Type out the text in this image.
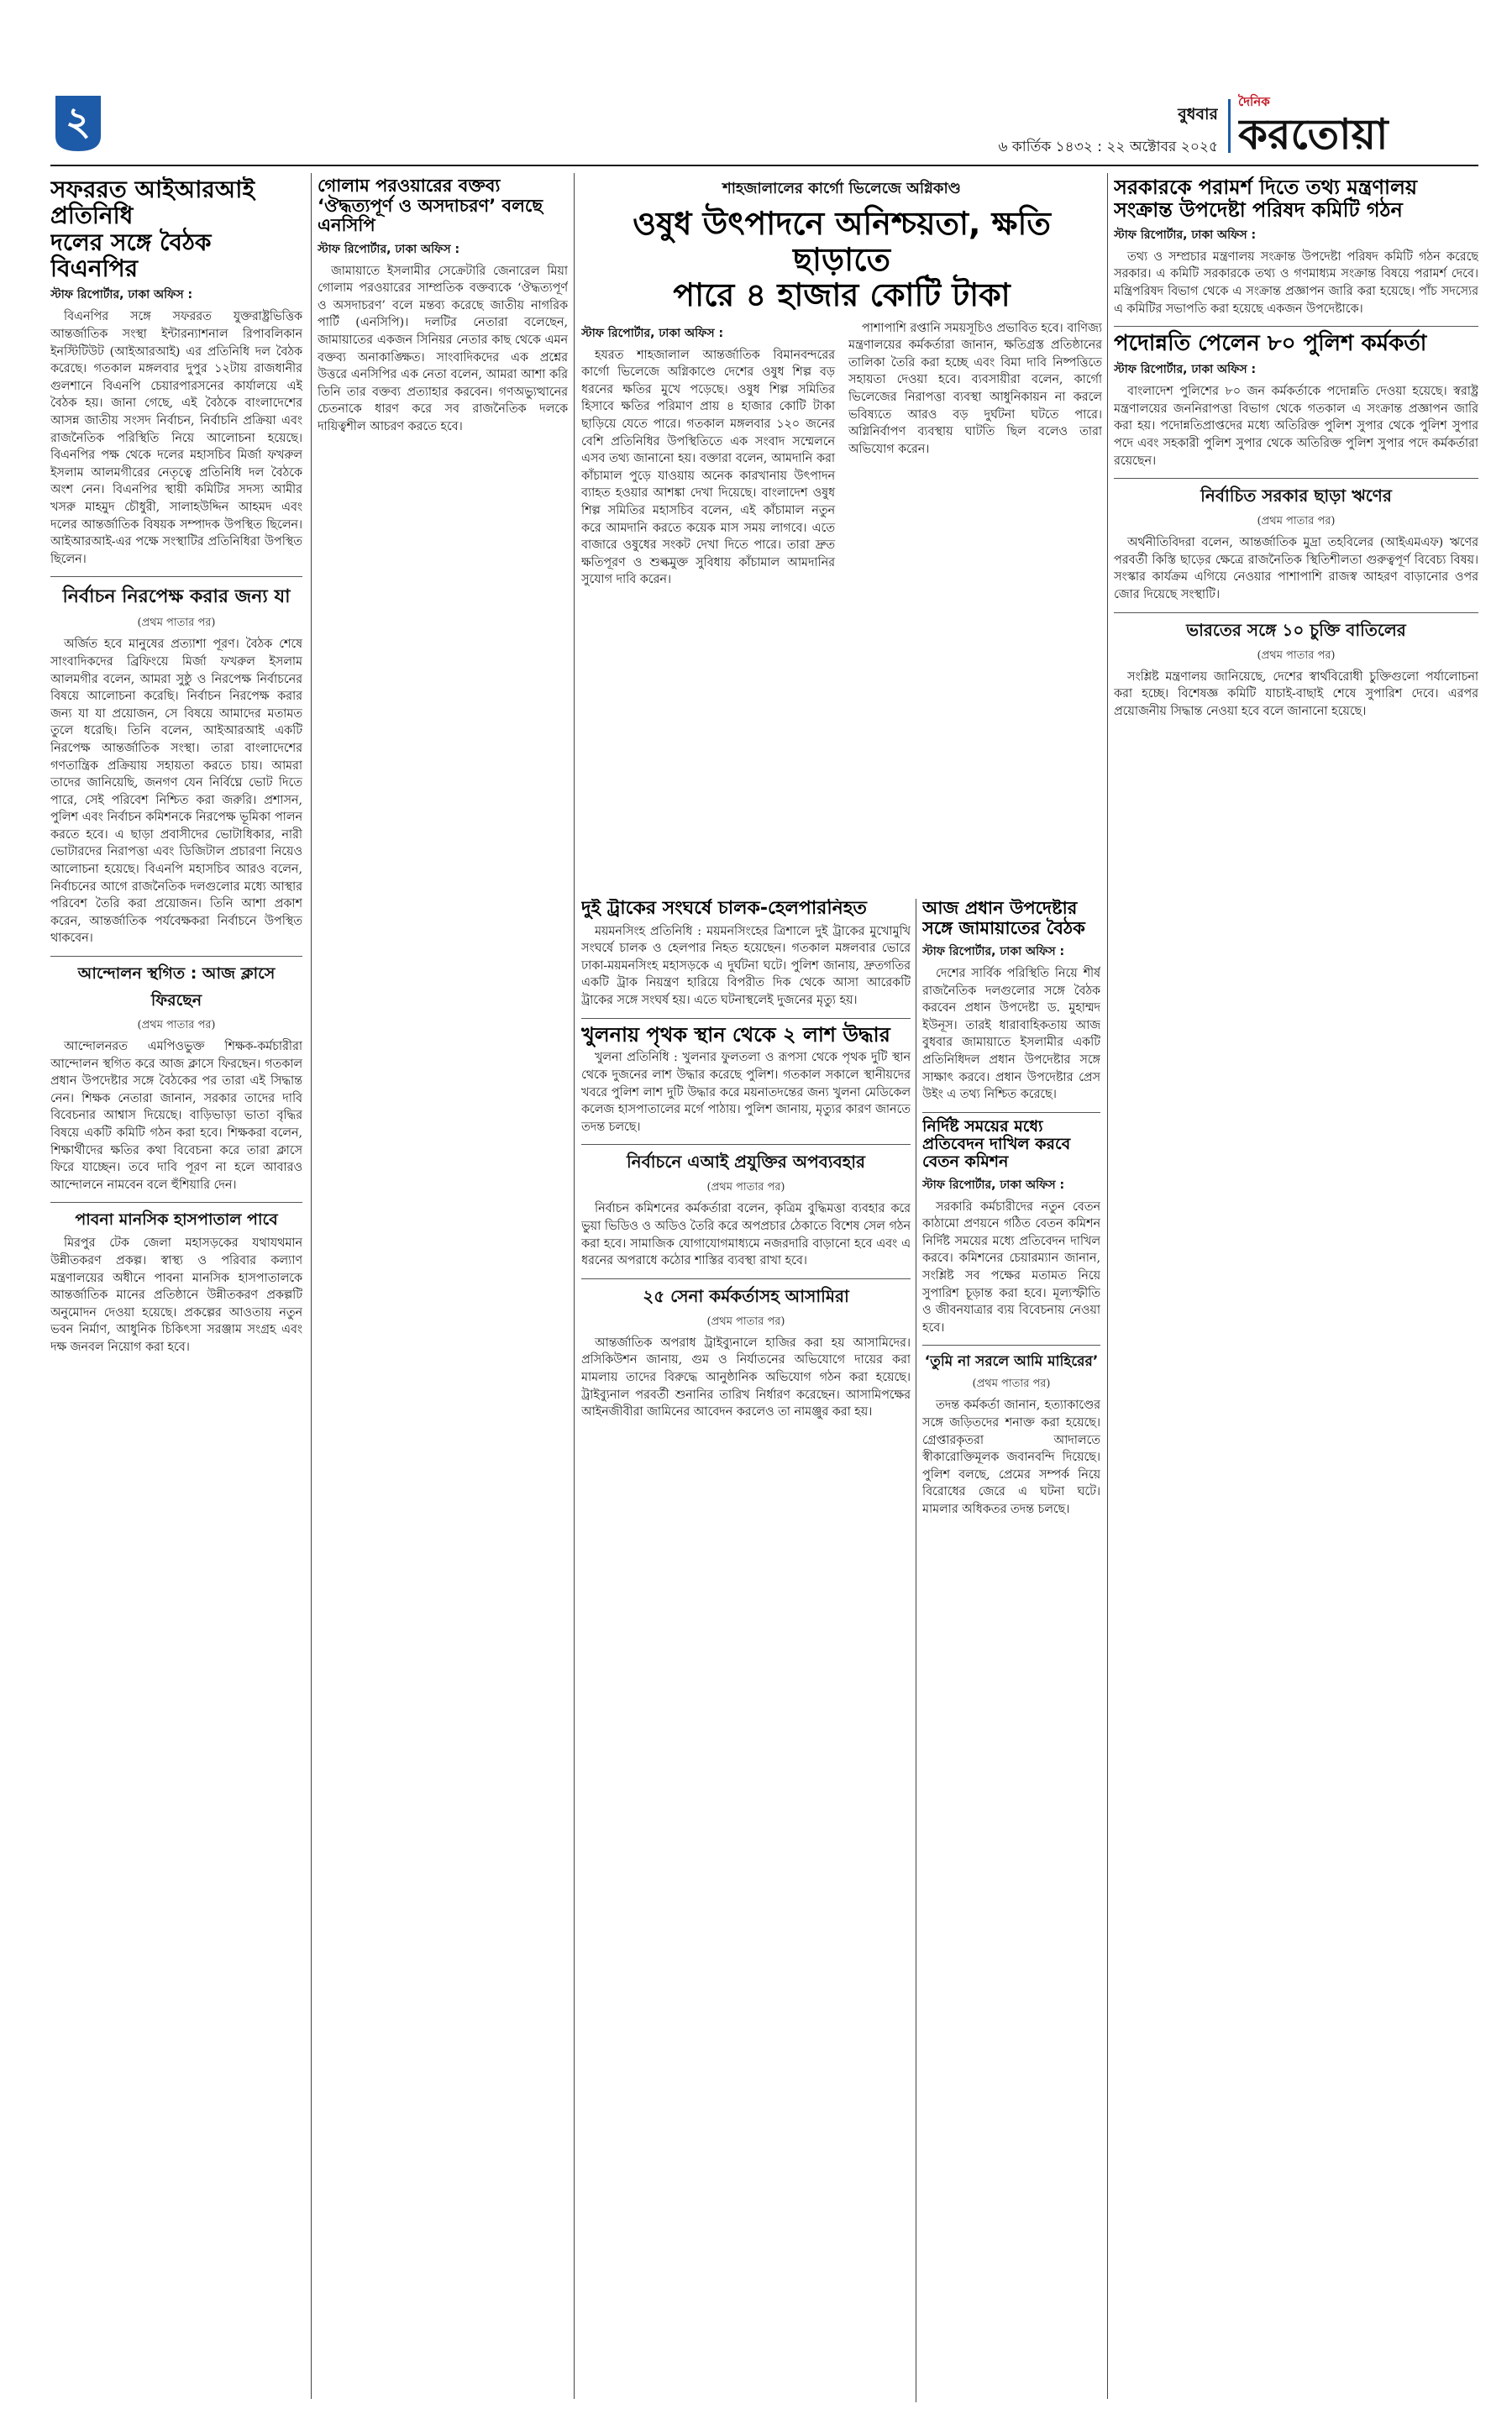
২	বুধবার
৬ কার্তিক ১৪৩২ : ২২ অক্টোবর ২০২৫
দৈনিক
করতোয়া
সফররত আইআরআই প্রতিনিধি
দলের সঙ্গে বৈঠক বিএনপির
স্টাফ রিপোর্টার, ঢাকা অফিস :

বিএনপির সঙ্গে সফররত যুক্তরাষ্ট্রভিত্তিক আন্তর্জাতিক সংস্থা ইন্টারন্যাশনাল রিপাবলিকান ইনস্টিটিউট (আইআরআই) এর প্রতিনিধি দল বৈঠক করেছে। গতকাল মঙ্গলবার দুপুর ১২টায় রাজধানীর গুলশানে বিএনপি চেয়ারপারসনের কার্যালয়ে এই বৈঠক হয়। জানা গেছে, এই বৈঠকে বাংলাদেশের আসন্ন জাতীয় সংসদ নির্বাচন, নির্বাচনি প্রক্রিয়া এবং রাজনৈতিক পরিস্থিতি নিয়ে আলোচনা হয়েছে। বিএনপির পক্ষ থেকে দলের মহাসচিব মির্জা ফখরুল ইসলাম আলমগীরের নেতৃত্বে প্রতিনিধি দল বৈঠকে অংশ নেন। বিএনপির স্থায়ী কমিটির সদস্য আমীর খসরু মাহমুদ চৌধুরী, সালাহউদ্দিন আহমদ এবং দলের আন্তর্জাতিক বিষয়ক সম্পাদক উপস্থিত ছিলেন। আইআরআই-এর পক্ষে সংস্থাটির প্রতিনিধিরা উপস্থিত ছিলেন।

নির্বাচন নিরপেক্ষ করার জন্য যা
(প্রথম পাতার পর)

অর্জিত হবে মানুষের প্রত্যাশা পূরণ। বৈঠক শেষে সাংবাদিকদের ব্রিফিংয়ে মির্জা ফখরুল ইসলাম আলমগীর বলেন, আমরা সুষ্ঠু ও নিরপেক্ষ নির্বাচনের বিষয়ে আলোচনা করেছি। নির্বাচন নিরপেক্ষ করার জন্য যা যা প্রয়োজন, সে বিষয়ে আমাদের মতামত তুলে ধরেছি। তিনি বলেন, আইআরআই একটি নিরপেক্ষ আন্তর্জাতিক সংস্থা। তারা বাংলাদেশের গণতান্ত্রিক প্রক্রিয়ায় সহায়তা করতে চায়। আমরা তাদের জানিয়েছি, জনগণ যেন নির্বিঘ্নে ভোট দিতে পারে, সেই পরিবেশ নিশ্চিত করা জরুরি। প্রশাসন, পুলিশ এবং নির্বাচন কমিশনকে নিরপেক্ষ ভূমিকা পালন করতে হবে। এ ছাড়া প্রবাসীদের ভোটাধিকার, নারী ভোটারদের নিরাপত্তা এবং ডিজিটাল প্রচারণা নিয়েও আলোচনা হয়েছে। বিএনপি মহাসচিব আরও বলেন, নির্বাচনের আগে রাজনৈতিক দলগুলোর মধ্যে আস্থার পরিবেশ তৈরি করা প্রয়োজন। তিনি আশা প্রকাশ করেন, আন্তর্জাতিক পর্যবেক্ষকরা নির্বাচনে উপস্থিত থাকবেন।

আন্দোলন স্থগিত : আজ ক্লাসে ফিরছেন
(প্রথম পাতার পর)

আন্দোলনরত এমপিওভুক্ত শিক্ষক-কর্মচারীরা আন্দোলন স্থগিত করে আজ ক্লাসে ফিরছেন। গতকাল প্রধান উপদেষ্টার সঙ্গে বৈঠকের পর তারা এই সিদ্ধান্ত নেন। শিক্ষক নেতারা জানান, সরকার তাদের দাবি বিবেচনার আশ্বাস দিয়েছে। বাড়িভাড়া ভাতা বৃদ্ধির বিষয়ে একটি কমিটি গঠন করা হবে। শিক্ষকরা বলেন, শিক্ষার্থীদের ক্ষতির কথা বিবেচনা করে তারা ক্লাসে ফিরে যাচ্ছেন। তবে দাবি পূরণ না হলে আবারও আন্দোলনে নামবেন বলে হুঁশিয়ারি দেন।

পাবনা মানসিক হাসপাতাল পাবে

মিরপুর টেক জেলা মহাসড়কের যথাযথমান উন্নীতকরণ প্রকল্প। স্বাস্থ্য ও পরিবার কল্যাণ মন্ত্রণালয়ের অধীনে পাবনা মানসিক হাসপাতালকে আন্তর্জাতিক মানের প্রতিষ্ঠানে উন্নীতকরণ প্রকল্পটি অনুমোদন দেওয়া হয়েছে। প্রকল্পের আওতায় নতুন ভবন নির্মাণ, আধুনিক চিকিৎসা সরঞ্জাম সংগ্রহ এবং দক্ষ জনবল নিয়োগ করা হবে।

গোলাম পরওয়ারের বক্তব্য ‘ঔদ্ধত্যপূর্ণ ও অসদাচরণ’ বলছে এনসিপি
স্টাফ রিপোর্টার, ঢাকা অফিস :

জামায়াতে ইসলামীর সেক্রেটারি জেনারেল মিয়া গোলাম পরওয়ারের সাম্প্রতিক বক্তব্যকে ‘ঔদ্ধত্যপূর্ণ ও অসদাচরণ’ বলে মন্তব্য করেছে জাতীয় নাগরিক পার্টি (এনসিপি)। দলটির নেতারা বলেছেন, জামায়াতের একজন সিনিয়র নেতার কাছ থেকে এমন বক্তব্য অনাকাঙ্ক্ষিত। সাংবাদিকদের এক প্রশ্নের উত্তরে এনসিপির এক নেতা বলেন, আমরা আশা করি তিনি তার বক্তব্য প্রত্যাহার করবেন। গণঅভ্যুত্থানের চেতনাকে ধারণ করে সব রাজনৈতিক দলকে দায়িত্বশীল আচরণ করতে হবে।

শাহজালালের কার্গো ভিলেজে অগ্নিকাণ্ড
ওষুধ উৎপাদনে অনিশ্চয়তা, ক্ষতি ছাড়াতে
পারে ৪ হাজার কোটি টাকা
স্টাফ রিপোর্টার, ঢাকা অফিস :

হযরত শাহজালাল আন্তর্জাতিক বিমানবন্দরের কার্গো ভিলেজে অগ্নিকাণ্ডে দেশের ওষুধ শিল্প বড় ধরনের ক্ষতির মুখে পড়েছে। ওষুধ শিল্প সমিতির হিসাবে ক্ষতির পরিমাণ প্রায় ৪ হাজার কোটি টাকা ছাড়িয়ে যেতে পারে। গতকাল মঙ্গলবার ১২০ জনের বেশি প্রতিনিধির উপস্থিতিতে এক সংবাদ সম্মেলনে এসব তথ্য জানানো হয়। বক্তারা বলেন, আমদানি করা কাঁচামাল পুড়ে যাওয়ায় অনেক কারখানায় উৎপাদন ব্যাহত হওয়ার আশঙ্কা দেখা দিয়েছে। বাংলাদেশ ওষুধ শিল্প সমিতির মহাসচিব বলেন, এই কাঁচামাল নতুন করে আমদানি করতে কয়েক মাস সময় লাগবে। এতে বাজারে ওষুধের সংকট দেখা দিতে পারে। তারা দ্রুত ক্ষতিপূরণ ও শুল্কমুক্ত সুবিধায় কাঁচামাল আমদানির সুযোগ দাবি করেন।

পাশাপাশি রপ্তানি সময়সূচিও প্রভাবিত হবে। বাণিজ্য মন্ত্রণালয়ের কর্মকর্তারা জানান, ক্ষতিগ্রস্ত প্রতিষ্ঠানের তালিকা তৈরি করা হচ্ছে এবং বিমা দাবি নিষ্পত্তিতে সহায়তা দেওয়া হবে। ব্যবসায়ীরা বলেন, কার্গো ভিলেজের নিরাপত্তা ব্যবস্থা আধুনিকায়ন না করলে ভবিষ্যতে আরও বড় দুর্ঘটনা ঘটতে পারে। অগ্নিনির্বাপণ ব্যবস্থায় ঘাটতি ছিল বলেও তারা অভিযোগ করেন।

দুই ট্রাকের সংঘর্ষে চালক-হেলপারনিহত

ময়মনসিংহ প্রতিনিধি : ময়মনসিংহের ত্রিশালে দুই ট্রাকের মুখোমুখি সংঘর্ষে চালক ও হেলপার নিহত হয়েছেন। গতকাল মঙ্গলবার ভোরে ঢাকা-ময়মনসিংহ মহাসড়কে এ দুর্ঘটনা ঘটে। পুলিশ জানায়, দ্রুতগতির একটি ট্রাক নিয়ন্ত্রণ হারিয়ে বিপরীত দিক থেকে আসা আরেকটি ট্রাকের সঙ্গে সংঘর্ষ হয়। এতে ঘটনাস্থলেই দুজনের মৃত্যু হয়।

খুলনায় পৃথক স্থান থেকে ২ লাশ উদ্ধার

খুলনা প্রতিনিধি : খুলনার ফুলতলা ও রূপসা থেকে পৃথক দুটি স্থান থেকে দুজনের লাশ উদ্ধার করেছে পুলিশ। গতকাল সকালে স্থানীয়দের খবরে পুলিশ লাশ দুটি উদ্ধার করে ময়নাতদন্তের জন্য খুলনা মেডিকেল কলেজ হাসপাতালের মর্গে পাঠায়। পুলিশ জানায়, মৃত্যুর কারণ জানতে তদন্ত চলছে।

নির্বাচনে এআই প্রযুক্তির অপব্যবহার
(প্রথম পাতার পর)

নির্বাচন কমিশনের কর্মকর্তারা বলেন, কৃত্রিম বুদ্ধিমত্তা ব্যবহার করে ভুয়া ভিডিও ও অডিও তৈরি করে অপপ্রচার ঠেকাতে বিশেষ সেল গঠন করা হবে। সামাজিক যোগাযোগমাধ্যমে নজরদারি বাড়ানো হবে এবং এ ধরনের অপরাধে কঠোর শাস্তির ব্যবস্থা রাখা হবে।

২৫ সেনা কর্মকর্তাসহ আসামিরা
(প্রথম পাতার পর)

আন্তর্জাতিক অপরাধ ট্রাইব্যুনালে হাজির করা হয় আসামিদের। প্রসিকিউশন জানায়, গুম ও নির্যাতনের অভিযোগে দায়ের করা মামলায় তাদের বিরুদ্ধে আনুষ্ঠানিক অভিযোগ গঠন করা হয়েছে। ট্রাইব্যুনাল পরবর্তী শুনানির তারিখ নির্ধারণ করেছেন। আসামিপক্ষের আইনজীবীরা জামিনের আবেদন করলেও তা নামঞ্জুর করা হয়।

আজ প্রধান উপদেষ্টার সঙ্গে জামায়াতের বৈঠক
স্টাফ রিপোর্টার, ঢাকা অফিস :

দেশের সার্বিক পরিস্থিতি নিয়ে শীর্ষ রাজনৈতিক দলগুলোর সঙ্গে বৈঠক করবেন প্রধান উপদেষ্টা ড. মুহাম্মদ ইউনূস। তারই ধারাবাহিকতায় আজ বুধবার জামায়াতে ইসলামীর একটি প্রতিনিধিদল প্রধান উপদেষ্টার সঙ্গে সাক্ষাৎ করবে। প্রধান উপদেষ্টার প্রেস উইং এ তথ্য নিশ্চিত করেছে।

নির্দিষ্ট সময়ের মধ্যে প্রতিবেদন দাখিল করবে বেতন কমিশন
স্টাফ রিপোর্টার, ঢাকা অফিস :

সরকারি কর্মচারীদের নতুন বেতন কাঠামো প্রণয়নে গঠিত বেতন কমিশন নির্দিষ্ট সময়ের মধ্যে প্রতিবেদন দাখিল করবে। কমিশনের চেয়ারম্যান জানান, সংশ্লিষ্ট সব পক্ষের মতামত নিয়ে সুপারিশ চূড়ান্ত করা হবে। মূল্যস্ফীতি ও জীবনযাত্রার ব্যয় বিবেচনায় নেওয়া হবে।

‘তুমি না সরলে আমি মাহিরের’
(প্রথম পাতার পর)

তদন্ত কর্মকর্তা জানান, হত্যাকাণ্ডের সঙ্গে জড়িতদের শনাক্ত করা হয়েছে। গ্রেপ্তারকৃতরা আদালতে স্বীকারোক্তিমূলক জবানবন্দি দিয়েছে। পুলিশ বলছে, প্রেমের সম্পর্ক নিয়ে বিরোধের জেরে এ ঘটনা ঘটে। মামলার অধিকতর তদন্ত চলছে।

সরকারকে পরামর্শ দিতে তথ্য মন্ত্রণালয়
সংক্রান্ত উপদেষ্টা পরিষদ কমিটি গঠন
স্টাফ রিপোর্টার, ঢাকা অফিস :

তথ্য ও সম্প্রচার মন্ত্রণালয় সংক্রান্ত উপদেষ্টা পরিষদ কমিটি গঠন করেছে সরকার। এ কমিটি সরকারকে তথ্য ও গণমাধ্যম সংক্রান্ত বিষয়ে পরামর্শ দেবে। মন্ত্রিপরিষদ বিভাগ থেকে এ সংক্রান্ত প্রজ্ঞাপন জারি করা হয়েছে। পাঁচ সদস্যের এ কমিটির সভাপতি করা হয়েছে একজন উপদেষ্টাকে।

পদোন্নতি পেলেন ৮০ পুলিশ কর্মকর্তা
স্টাফ রিপোর্টার, ঢাকা অফিস :

বাংলাদেশ পুলিশের ৮০ জন কর্মকর্তাকে পদোন্নতি দেওয়া হয়েছে। স্বরাষ্ট্র মন্ত্রণালয়ের জননিরাপত্তা বিভাগ থেকে গতকাল এ সংক্রান্ত প্রজ্ঞাপন জারি করা হয়। পদোন্নতিপ্রাপ্তদের মধ্যে অতিরিক্ত পুলিশ সুপার থেকে পুলিশ সুপার পদে এবং সহকারী পুলিশ সুপার থেকে অতিরিক্ত পুলিশ সুপার পদে কর্মকর্তারা রয়েছেন।

নির্বাচিত সরকার ছাড়া ঋণের
(প্রথম পাতার পর)

অর্থনীতিবিদরা বলেন, আন্তর্জাতিক মুদ্রা তহবিলের (আইএমএফ) ঋণের পরবর্তী কিস্তি ছাড়ের ক্ষেত্রে রাজনৈতিক স্থিতিশীলতা গুরুত্বপূর্ণ বিবেচ্য বিষয়। সংস্কার কার্যক্রম এগিয়ে নেওয়ার পাশাপাশি রাজস্ব আহরণ বাড়ানোর ওপর জোর দিয়েছে সংস্থাটি।

ভারতের সঙ্গে ১০ চুক্তি বাতিলের
(প্রথম পাতার পর)

সংশ্লিষ্ট মন্ত্রণালয় জানিয়েছে, দেশের স্বার্থবিরোধী চুক্তিগুলো পর্যালোচনা করা হচ্ছে। বিশেষজ্ঞ কমিটি যাচাই-বাছাই শেষে সুপারিশ দেবে। এরপর প্রয়োজনীয় সিদ্ধান্ত নেওয়া হবে বলে জানানো হয়েছে।
